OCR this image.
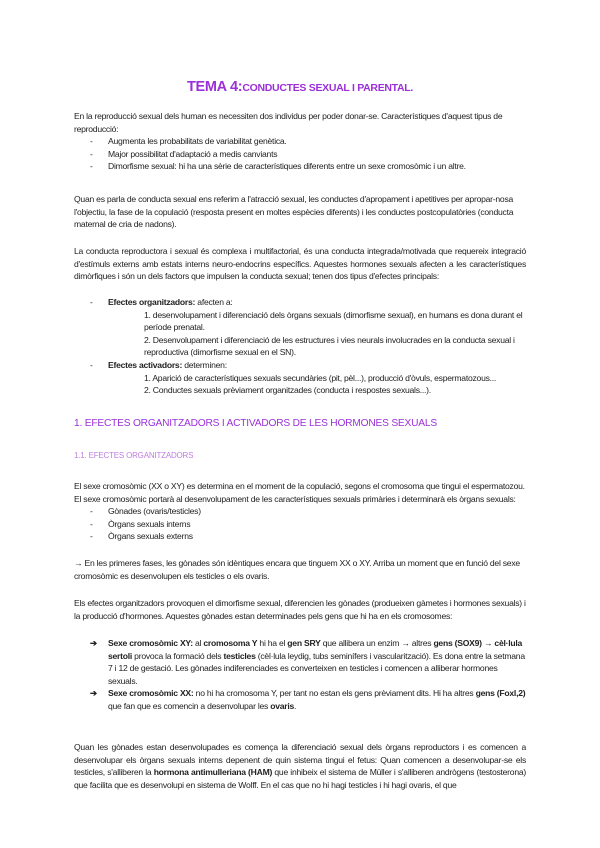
TEMA 4:CONDUCTES SEXUAL I PARENTAL.

En la reproducció sexual dels human es necessiten dos individus per poder donar-se. Característiques d'aquest tipus de reproducció:

- Augmenta les probabilitats de variabilitat genètica.
- Major possibilitat d'adaptació a medis canviants
- Dimorfisme sexual: hi ha una sèrie de característiques diferents entre un sexe cromosòmic i un altre.

Quan es parla de conducta sexual ens referim a l'atracció sexual, les conductes d'apropament i apetitives per apropar-nosa l'objectiu, la fase de la copulació (resposta present en moltes espècies diferents) i les conductes postcopulatòries (conducta maternal de cria de nadons).

La conducta reproductora i sexual és complexa i multifactorial, és una conducta integrada/motivada que requereix integració d'estímuls externs amb estats interns neuro-endocrins específics. Aquestes hormones sexuals afecten a les característiques dimòrfiques i són un dels factors que impulsen la conducta sexual; tenen dos tipus d'efectes principals:

- Efectes organitzadors: afecten a:

1. desenvolupament i diferenciació dels òrgans sexuals (dimorfisme sexual), en humans es dona durant el període prenatal.

2. Desenvolupament i diferenciació de les estructures i vies neurals involucrades en la conducta sexual i reproductiva (dimorfisme sexual en el SN).

- Efectes activadors: determinen:

1. Aparició de característiques sexuals secundàries (pit, pèl...), producció d'òvuls, espermatozous...

2. Conductes sexuals prèviament organitzades (conducta i respostes sexuals...).

1. EFECTES ORGANITZADORS I ACTIVADORS DE LES HORMONES SEXUALS
1.1. EFECTES ORGANITZADORS

El sexe cromosòmic (XX o XY) es determina en el moment de la copulació, segons el cromosoma que tingui el espermatozou. El sexe cromosòmic portarà al desenvolupament de les característiques sexuals primàries i determinarà els òrgans sexuals:

- Gònades (ovaris/testicles)
- Òrgans sexuals interns
- Òrgans sexuals externs

→ En les primeres fases, les gònades són idèntiques encara que tinguem XX o XY. Arriba un moment que en funció del sexe cromosòmic es desenvolupen els testicles o els ovaris.

Els efectes organitzadors provoquen el dimorfisme sexual, diferencien les gònades (produeixen gàmetes i hormones sexuals) i la producció d'hormones. Aquestes gònades estan determinades pels gens que hi ha en els cromosomes:

➔ Sexe cromosòmic XY: al cromosoma Y hi ha el gen SRY que allibera un enzim → altres gens (SOX9) → cèl·lula sertoli provoca la formació dels testicles (cèl·lula leydig, tubs seminífers i vascularització). Es dona entre la setmana 7 i 12 de gestació. Les gònades indiferenciades es converteixen en testicles i comencen a alliberar hormones sexuals.
➔ Sexe cromosòmic XX: no hi ha cromosoma Y, per tant no estan els gens prèviament dits. Hi ha altres gens (Foxl,2) que fan que es comencin a desenvolupar les ovaris.

Quan les gònades estan desenvolupades es comença la diferenciació sexual dels òrgans reproductors i es comencen a desenvolupar els òrgans sexuals interns depenent de quin sistema tingui el fetus: Quan comencen a desenvolupar-se els testicles, s'alliberen la hormona antimulleriana (HAM) que inhibeix el sistema de Müller i s'alliberen andrògens (testosterona) que facilita que es desenvolupi en sistema de Wolff. En el cas que no hi hagi testicles i hi hagi ovaris, el que
